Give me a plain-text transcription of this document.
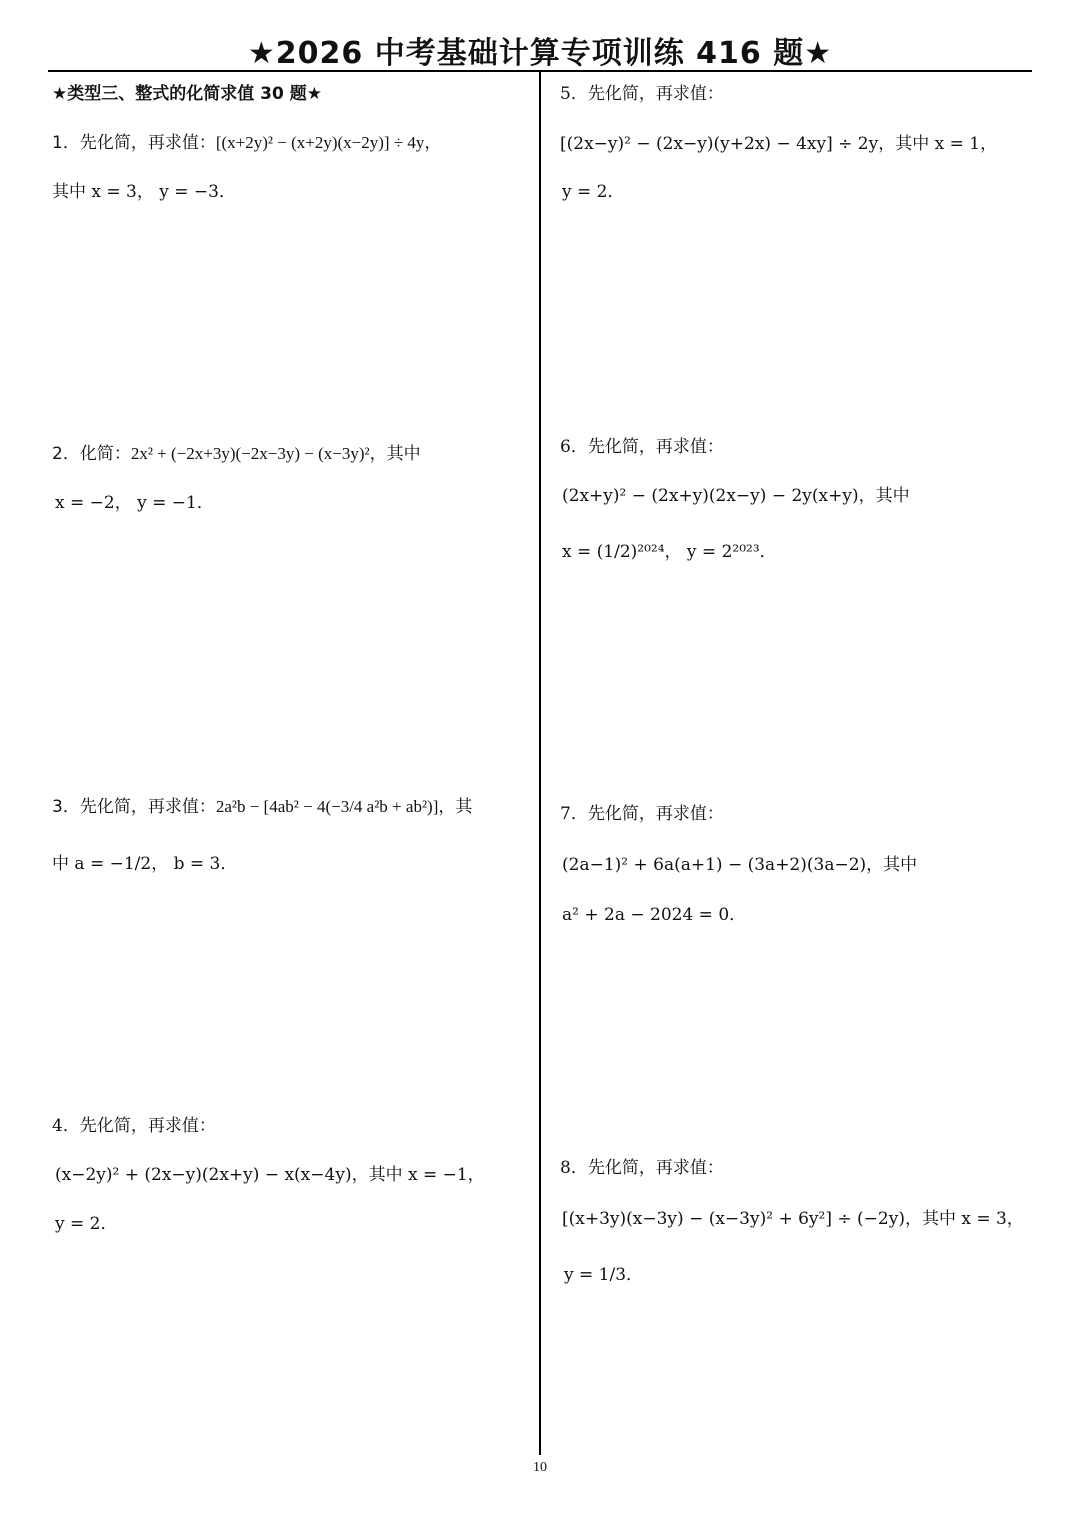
★2026 中考基础计算专项训练 416 题★
★类型三、整式的化简求值 30 题★
1．先化简，再求值：[(x+2y)² − (x+2y)(x−2y)] ÷ 4y，
其中 x = 3， y = −3．
2．化简：2x² + (−2x+3y)(−2x−3y) − (x−3y)²，其中
x = −2， y = −1．
3．先化简，再求值：2a²b − [4ab² − 4(−3/4 a²b + ab²)]，其
中 a = −1/2， b = 3．
4．先化简，再求值：
(x−2y)² + (2x−y)(2x+y) − x(x−4y)，其中 x = −1，
y = 2．
5．先化简，再求值：
[(2x−y)² − (2x−y)(y+2x) − 4xy] ÷ 2y，其中 x = 1，
y = 2．
6．先化简，再求值：
(2x+y)² − (2x+y)(2x−y) − 2y(x+y)，其中
x = (1/2)²⁰²⁴， y = 2²⁰²³．
7．先化简，再求值：
(2a−1)² + 6a(a+1) − (3a+2)(3a−2)，其中
a² + 2a − 2024 = 0．
8．先化简，再求值：
[(x+3y)(x−3y) − (x−3y)² + 6y²] ÷ (−2y)，其中 x = 3，
y = 1/3．
10
